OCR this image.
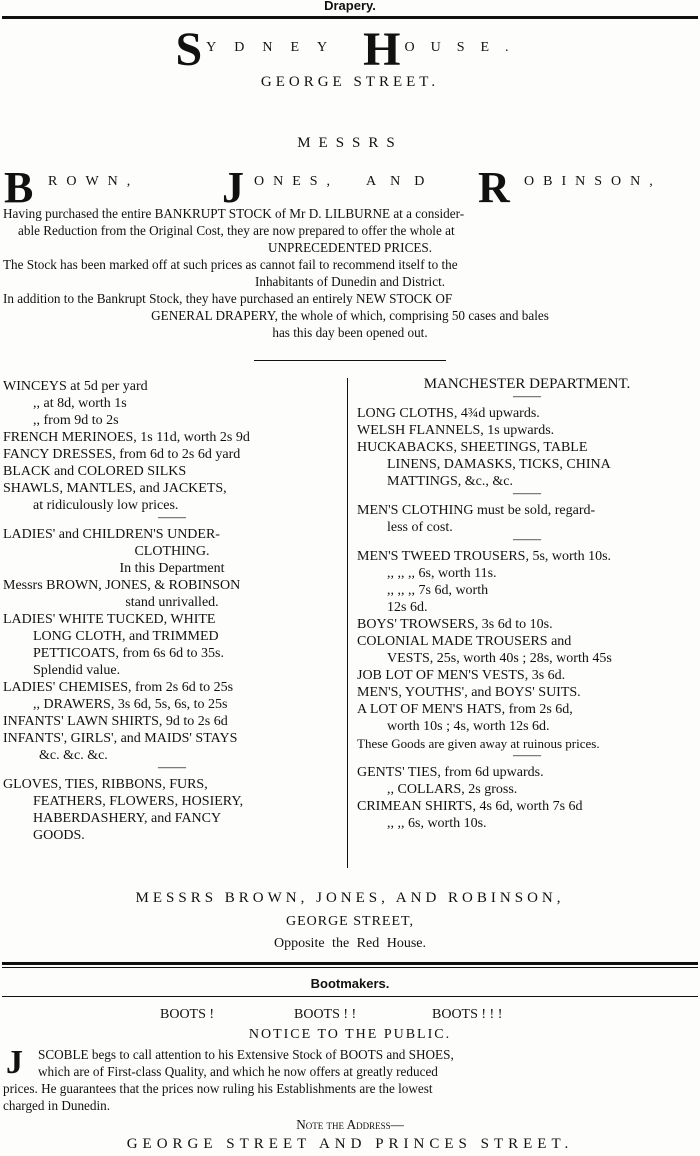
Drapery.
S YDNEY H OUSE.
GEORGE STREET.
MESSRS
B ROWN, J ONES, AND R OBINSON,
Having purchased the entire BANKRUPT STOCK of Mr D. LILBURNE at a consider-
able Reduction from the Original Cost, they are now prepared to offer the whole at
UNPRECEDENTED PRICES.
The Stock has been marked off at such prices as cannot fail to recommend itself to the
Inhabitants of Dunedin and District.
In addition to the Bankrupt Stock, they have purchased an entirely NEW STOCK OF
GENERAL DRAPERY, the whole of which, comprising 50 cases and bales
has this day been opened out.
WINCEYS at 5d per yard
,, at 8d, worth 1s
,, from 9d to 2s
FRENCH MERINOES, 1s 11d, worth 2s 9d
FANCY DRESSES, from 6d to 2s 6d yard
BLACK and COLORED SILKS
SHAWLS, MANTLES, and JACKETS,
at ridiculously low prices.
——
LADIES' and CHILDREN'S UNDER-
CLOTHING.
In this Department
Messrs BROWN, JONES, & ROBINSON
stand unrivalled.
LADIES' WHITE TUCKED, WHITE
LONG CLOTH, and TRIMMED
PETTICOATS, from 6s 6d to 35s.
Splendid value.
LADIES' CHEMISES, from 2s 6d to 25s
,, DRAWERS, 3s 6d, 5s, 6s, to 25s
INFANTS' LAWN SHIRTS, 9d to 2s 6d
INFANTS', GIRLS', and MAIDS' STAYS
&c. &c. &c.
——
GLOVES, TIES, RIBBONS, FURS,
FEATHERS, FLOWERS, HOSIERY,
HABERDASHERY, and FANCY
GOODS.
MANCHESTER DEPARTMENT.
——
LONG CLOTHS, 4¾d upwards.
WELSH FLANNELS, 1s upwards.
HUCKABACKS, SHEETINGS, TABLE
LINENS, DAMASKS, TICKS, CHINA
MATTINGS, &c., &c.
——
MEN'S CLOTHING must be sold, regard-
less of cost.
——
MEN'S TWEED TROUSERS, 5s, worth 10s.
,, ,, ,, 6s, worth 11s.
,, ,, ,, 7s 6d, worth
12s 6d.
BOYS' TROWSERS, 3s 6d to 10s.
COLONIAL MADE TROUSERS and
VESTS, 25s, worth 40s ; 28s, worth 45s
JOB LOT OF MEN'S VESTS, 3s 6d.
MEN'S, YOUTHS', and BOYS' SUITS.
A LOT OF MEN'S HATS, from 2s 6d,
worth 10s ; 4s, worth 12s 6d.
These Goods are given away at ruinous prices.
——
GENTS' TIES, from 6d upwards.
,, COLLARS, 2s gross.
CRIMEAN SHIRTS, 4s 6d, worth 7s 6d
,, ,, 6s, worth 10s.
MESSRS BROWN, JONES, AND ROBINSON,
GEORGE STREET,
Opposite the Red House.
Bootmakers.
BOOTS !	BOOTS ! !	BOOTS ! ! !
NOTICE TO THE PUBLIC.
J	SCOBLE begs to call attention to his Extensive Stock of BOOTS and SHOES,
which are of First-class Quality, and which he now offers at greatly reduced
prices. He guarantees that the prices now ruling his Establishments are the lowest
charged in Dunedin.
Note the Address—
GEORGE STREET AND PRINCES STREET.
